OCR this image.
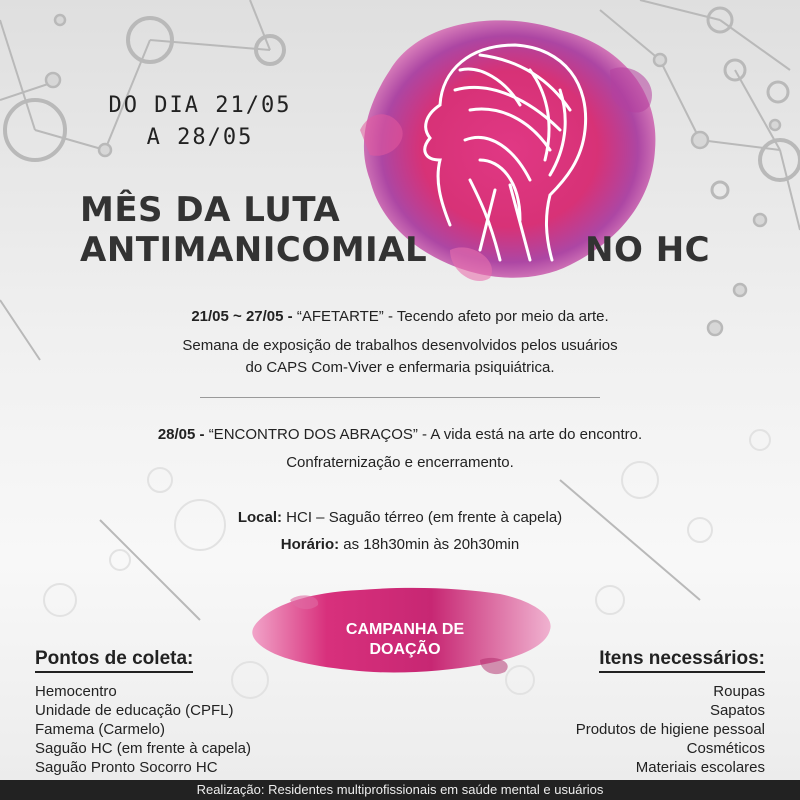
DO DIA 21/05
A 28/05
MÊS DA LUTA
ANTIMANICOMIAL	NO HC
21/05 ~ 27/05 - “AFETARTE” - Tecendo afeto por meio da arte.
Semana de exposição de trabalhos desenvolvidos pelos usuários
do CAPS Com-Viver e enfermaria psiquiátrica.
28/05 - “ENCONTRO DOS ABRAÇOS” - A vida está na arte do encontro.
Confraternização e encerramento.
Local: HCI – Saguão térreo (em frente à capela)
Horário: as 18h30min às 20h30min
CAMPANHA DE
DOAÇÃO
Pontos de coleta:
Hemocentro
Unidade de educação (CPFL)
Famema (Carmelo)
Saguão HC (em frente à capela)
Saguão Pronto Socorro HC
Itens necessários:
Roupas
Sapatos
Produtos de higiene pessoal
Cosméticos
Materiais escolares
Realização: Residentes multiprofissionais em saúde mental e usuários
